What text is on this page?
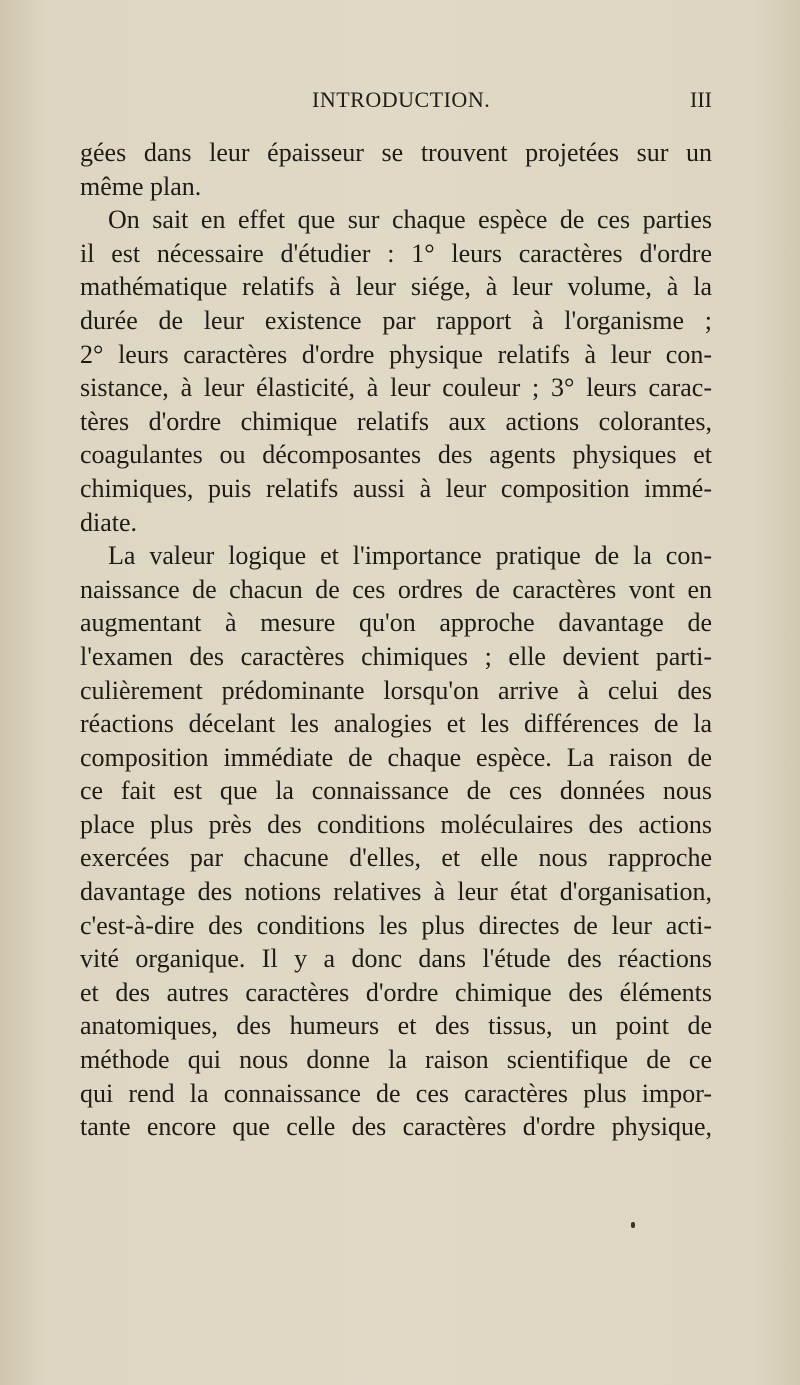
INTRODUCTION.	III
gées dans leur épaisseur se trouvent projetées sur un
même plan.
On sait en effet que sur chaque espèce de ces parties
il est nécessaire d'étudier : 1° leurs caractères d'ordre
mathématique relatifs à leur siége, à leur volume, à la
durée de leur existence par rapport à l'organisme ;
2° leurs caractères d'ordre physique relatifs à leur con-
sistance, à leur élasticité, à leur couleur ; 3° leurs carac-
tères d'ordre chimique relatifs aux actions colorantes,
coagulantes ou décomposantes des agents physiques et
chimiques, puis relatifs aussi à leur composition immé-
diate.
La valeur logique et l'importance pratique de la con-
naissance de chacun de ces ordres de caractères vont en
augmentant à mesure qu'on approche davantage de
l'examen des caractères chimiques ; elle devient parti-
culièrement prédominante lorsqu'on arrive à celui des
réactions décelant les analogies et les différences de la
composition immédiate de chaque espèce. La raison de
ce fait est que la connaissance de ces données nous
place plus près des conditions moléculaires des actions
exercées par chacune d'elles, et elle nous rapproche
davantage des notions relatives à leur état d'organisation,
c'est-à-dire des conditions les plus directes de leur acti-
vité organique. Il y a donc dans l'étude des réactions
et des autres caractères d'ordre chimique des éléments
anatomiques, des humeurs et des tissus, un point de
méthode qui nous donne la raison scientifique de ce
qui rend la connaissance de ces caractères plus impor-
tante encore que celle des caractères d'ordre physique,
